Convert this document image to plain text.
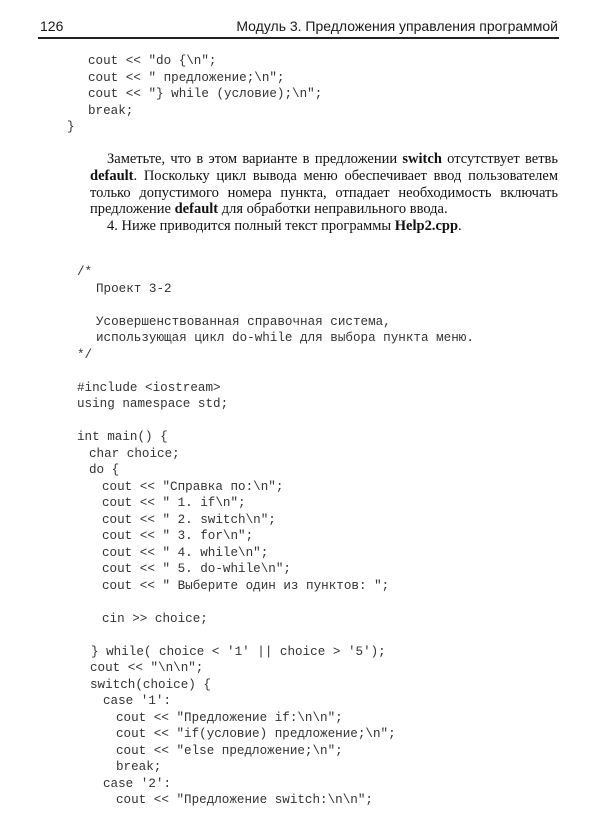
126	Модуль 3. Предложения управления программой
cout << "do {\n";
cout << " предложение;\n";
cout << "} while (условие);\n";
break;
}

Заметьте, что в этом варианте в предложении switch отсутствует ветвь default. Поскольку цикл вывода меню обеспечивает ввод пользователем только допустимого номера пункта, отпадает необходимость включать предложение default для обработки неправильного ввода.

4. Ниже приводится полный текст программы Help2.cpp.

/*
Проект 3-2
Усовершенствованная справочная система,
использующая цикл do-while для выбора пункта меню.
*/
#include <iostream>
using namespace std;
int main() {
char choice;
do {
cout << "Справка по:\n";
cout << " 1. if\n";
cout << " 2. switch\n";
cout << " 3. for\n";
cout << " 4. while\n";
cout << " 5. do-while\n";
cout << " Выберите один из пунктов: ";
cin >> choice;
} while( choice < '1' || choice > '5');
cout << "\n\n";
switch(choice) {
case '1':
cout << "Предложение if:\n\n";
cout << "if(условие) предложение;\n";
cout << "else предложение;\n";
break;
case '2':
cout << "Предложение switch:\n\n";
